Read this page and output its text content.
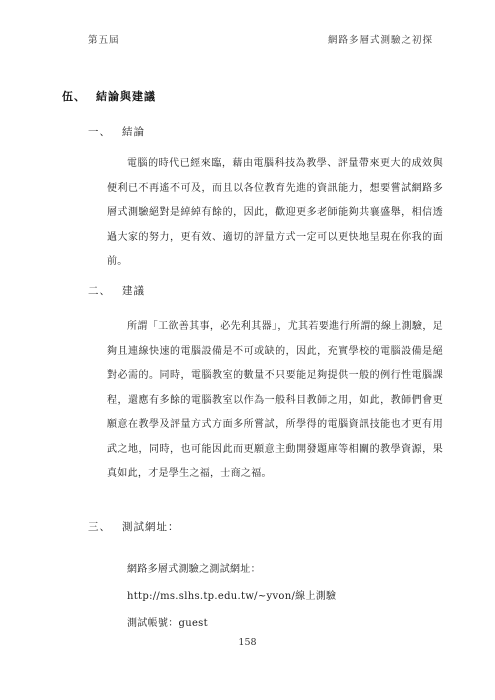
第五屆	網路多層式測驗之初探
伍、 結論與建議
一、 結論

電腦的時代已經來臨，藉由電腦科技為教學、評量帶來更大的成效與便利已不再遙不可及，而且以各位教育先進的資訊能力，想要嘗試網路多層式測驗絕對是綽綽有餘的，因此，歡迎更多老師能夠共襄盛舉，相信透過大家的努力，更有效、適切的評量方式一定可以更快地呈現在你我的面前。

二、 建議

所謂「工欲善其事，必先利其器」，尤其若要進行所謂的線上測驗，足夠且連線快速的電腦設備是不可或缺的，因此，充實學校的電腦設備是絕對必需的。同時，電腦教室的數量不只要能足夠提供一般的例行性電腦課程，還應有多餘的電腦教室以作為一般科目教師之用，如此，教師們會更願意在教學及評量方式方面多所嘗試，所學得的電腦資訊技能也才更有用武之地，同時，也可能因此而更願意主動開發題庫等相關的教學資源，果真如此，才是學生之福，士商之福。

三、 測試網址：
網路多層式測驗之測試網址：
http://ms.slhs.tp.edu.tw/~yvon/線上測驗
測試帳號：guest
158
